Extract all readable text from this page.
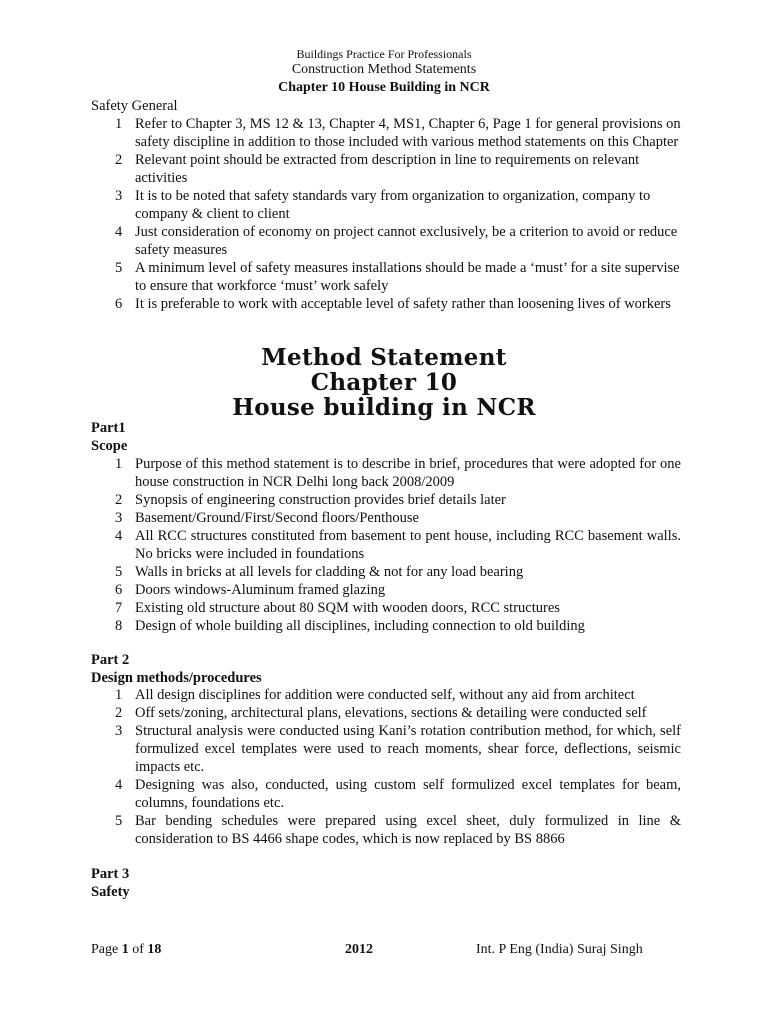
Buildings Practice For Professionals
Construction Method Statements
Chapter 10 House Building in NCR
Safety General
1 Refer to Chapter 3, MS 12 & 13, Chapter 4, MS1, Chapter 6, Page 1 for general provisions on safety discipline in addition to those included with various method statements on this Chapter
2 Relevant point should be extracted from description in line to requirements on relevant activities
3 It is to be noted that safety standards vary from organization to organization, company to company & client to client
4 Just consideration of economy on project cannot exclusively, be a criterion to avoid or reduce safety measures
5 A minimum level of safety measures installations should be made a ‘must’ for a site supervise to ensure that workforce ‘must’ work safely
6 It is preferable to work with acceptable level of safety rather than loosening lives of workers
Method Statement
Chapter 10
House building in NCR
Part1
Scope
1 Purpose of this method statement is to describe in brief, procedures that were adopted for one house construction in NCR Delhi long back 2008/2009
2 Synopsis of engineering construction provides brief details later
3 Basement/Ground/First/Second floors/Penthouse
4 All RCC structures constituted from basement to pent house, including RCC basement walls. No bricks were included in foundations
5 Walls in bricks at all levels for cladding & not for any load bearing
6 Doors windows-Aluminum framed glazing
7 Existing old structure about 80 SQM with wooden doors, RCC structures
8 Design of whole building all disciplines, including connection to old building
Part 2
Design methods/procedures
1 All design disciplines for addition were conducted self, without any aid from architect
2 Off sets/zoning, architectural plans, elevations, sections & detailing were conducted self
3 Structural analysis were conducted using Kani’s rotation contribution method, for which, self formulized excel templates were used to reach moments, shear force, deflections, seismic impacts etc.
4 Designing was also, conducted, using custom self formulized excel templates for beam, columns, foundations etc.
5 Bar bending schedules were prepared using excel sheet, duly formulized in line & consideration to BS 4466 shape codes, which is now replaced by BS 8866
Part 3
Safety
Page 1 of 18	2012	Int. P Eng (India) Suraj Singh
